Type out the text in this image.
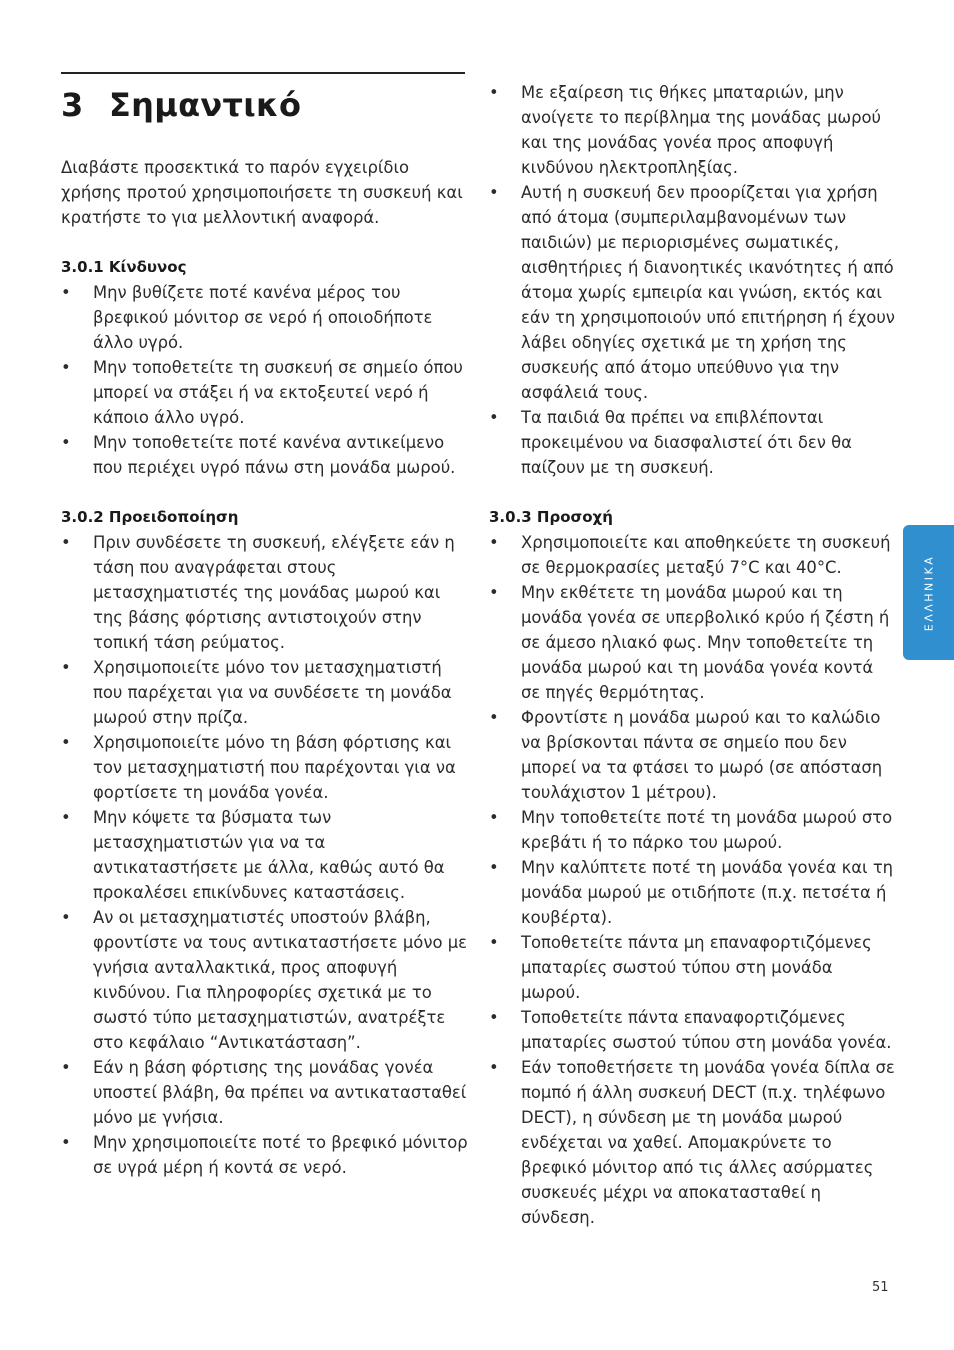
3 Σημαντικό

Διαβάστε προσεκτικά το παρόν εγχειρίδιο χρήσης προτού χρησιμοποιήσετε τη συσκευή και κρατήστε το για μελλοντική αναφορά.

3.0.1 Κίνδυνος
• Μην βυθίζετε ποτέ κανένα μέρος του βρεφικού μόνιτορ σε νερό ή οποιοδήποτε άλλο υγρό.
• Μην τοποθετείτε τη συσκευή σε σημείο όπου μπορεί να στάξει ή να εκτοξευτεί νερό ή κάποιο άλλο υγρό.
• Μην τοποθετείτε ποτέ κανένα αντικείμενο που περιέχει υγρό πάνω στη μονάδα μωρού.
3.0.2 Προειδοποίηση
• Πριν συνδέσετε τη συσκευή, ελέγξετε εάν η τάση που αναγράφεται στους μετασχηματιστές της μονάδας μωρού και της βάσης φόρτισης αντιστοιχούν στην τοπική τάση ρεύματος.
• Χρησιμοποιείτε μόνο τον μετασχηματιστή που παρέχεται για να συνδέσετε τη μονάδα μωρού στην πρίζα.
• Χρησιμοποιείτε μόνο τη βάση φόρτισης και τον μετασχηματιστή που παρέχονται για να φορτίσετε τη μονάδα γονέα.
• Μην κόψετε τα βύσματα των μετασχηματιστών για να τα αντικαταστήσετε με άλλα, καθώς αυτό θα προκαλέσει επικίνδυνες καταστάσεις.
• Αν οι μετασχηματιστές υποστούν βλάβη, φροντίστε να τους αντικαταστήσετε μόνο με γνήσια ανταλλακτικά, προς αποφυγή κινδύνου. Για πληροφορίες σχετικά με το σωστό τύπο μετασχηματιστών, ανατρέξτε στο κεφάλαιο “Αντικατάσταση”.
• Εάν η βάση φόρτισης της μονάδας γονέα υποστεί βλάβη, θα πρέπει να αντικατασταθεί μόνο με γνήσια.
• Μην χρησιμοποιείτε ποτέ το βρεφικό μόνιτορ σε υγρά μέρη ή κοντά σε νερό.
• Με εξαίρεση τις θήκες μπαταριών, μην ανοίγετε το περίβλημα της μονάδας μωρού και της μονάδας γονέα προς αποφυγή κινδύνου ηλεκτροπληξίας.
• Αυτή η συσκευή δεν προορίζεται για χρήση από άτομα (συμπεριλαμβανομένων των παιδιών) με περιορισμένες σωματικές, αισθητήριες ή διανοητικές ικανότητες ή από άτομα χωρίς εμπειρία και γνώση, εκτός και εάν τη χρησιμοποιούν υπό επιτήρηση ή έχουν λάβει οδηγίες σχετικά με τη χρήση της συσκευής από άτομο υπεύθυνο για την ασφάλειά τους.
• Τα παιδιά θα πρέπει να επιβλέπονται προκειμένου να διασφαλιστεί ότι δεν θα παίζουν με τη συσκευή.
3.0.3 Προσοχή
• Χρησιμοποιείτε και αποθηκεύετε τη συσκευή σε θερμοκρασίες μεταξύ 7°C και 40°C.
• Μην εκθέτετε τη μονάδα μωρού και τη μονάδα γονέα σε υπερβολικό κρύο ή ζέστη ή σε άμεσο ηλιακό φως. Μην τοποθετείτε τη μονάδα μωρού και τη μονάδα γονέα κοντά σε πηγές θερμότητας.
• Φροντίστε η μονάδα μωρού και το καλώδιο να βρίσκονται πάντα σε σημείο που δεν μπορεί να τα φτάσει το μωρό (σε απόσταση τουλάχιστον 1 μέτρου).
• Μην τοποθετείτε ποτέ τη μονάδα μωρού στο κρεβάτι ή το πάρκο του μωρού.
• Μην καλύπτετε ποτέ τη μονάδα γονέα και τη μονάδα μωρού με οτιδήποτε (π.χ. πετσέτα ή κουβέρτα).
• Τοποθετείτε πάντα μη επαναφορτιζόμενες μπαταρίες σωστού τύπου στη μονάδα μωρού.
• Τοποθετείτε πάντα επαναφορτιζόμενες μπαταρίες σωστού τύπου στη μονάδα γονέα.
• Εάν τοποθετήσετε τη μονάδα γονέα δίπλα σε πομπό ή άλλη συσκευή DECT (π.χ. τηλέφωνο DECT), η σύνδεση με τη μονάδα μωρού ενδέχεται να χαθεί. Απομακρύνετε το βρεφικό μόνιτορ από τις άλλες ασύρματες συσκευές μέχρι να αποκατασταθεί η σύνδεση.
ΕΛΛΗΝΙΚΑ
51
